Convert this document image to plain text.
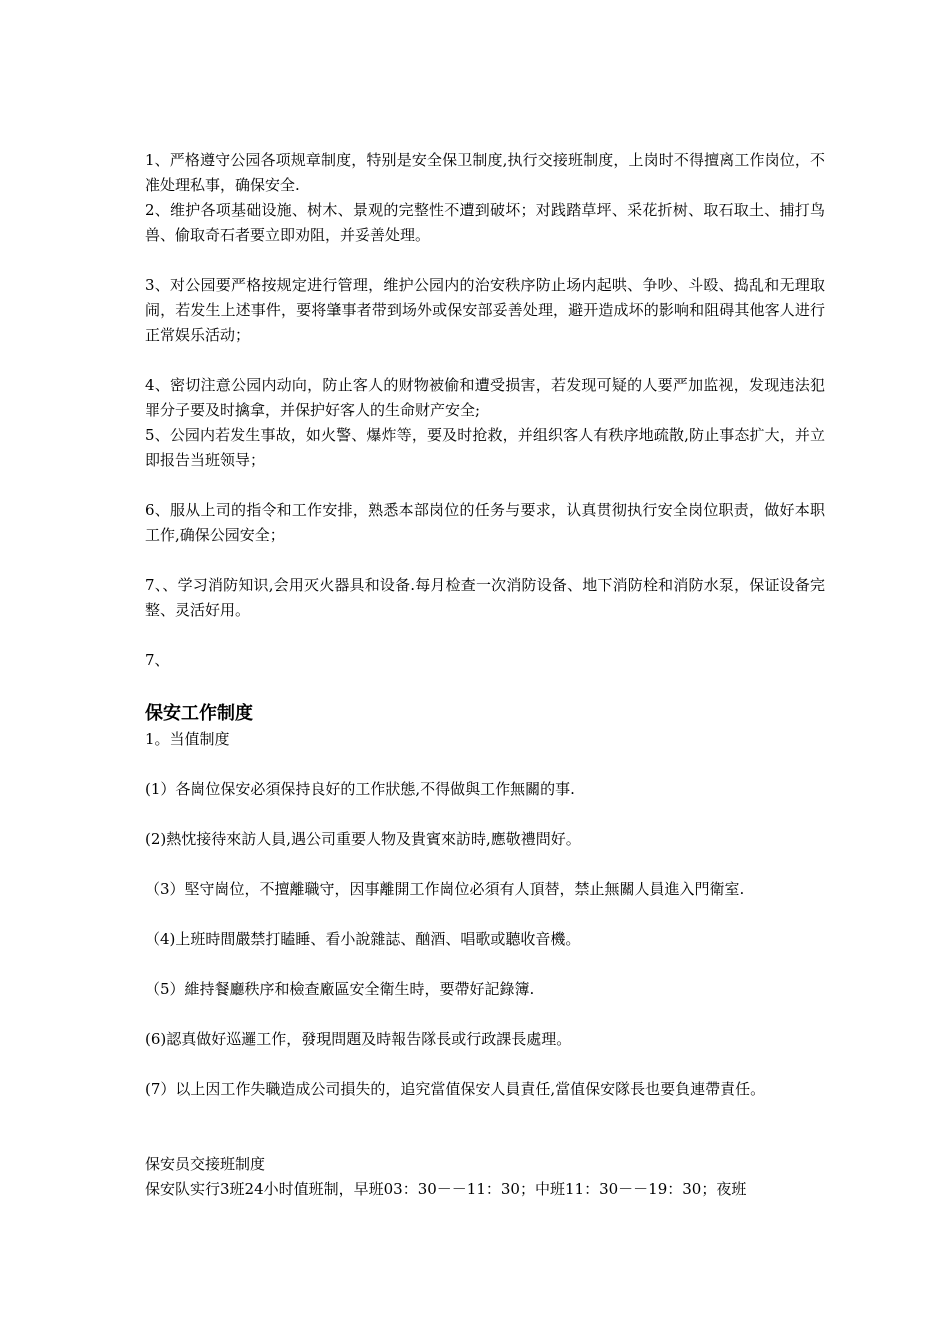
1、严格遵守公园各项规章制度，特别是安全保卫制度,执行交接班制度，上岗时不得擅离工作岗位，不准处理私事，确保安全.

2、维护各项基础设施、树木、景观的完整性不遭到破坏；对践踏草坪、采花折树、取石取土、捕打鸟兽、偷取奇石者要立即劝阻，并妥善处理。

3、对公园要严格按规定进行管理，维护公园内的治安秩序防止场内起哄、争吵、斗殴、捣乱和无理取闹，若发生上述事件，要将肇事者带到场外或保安部妥善处理，避开造成坏的影响和阻碍其他客人进行正常娱乐活动；

4、密切注意公园内动向，防止客人的财物被偷和遭受损害，若发现可疑的人要严加监视，发现违法犯罪分子要及时擒拿，并保护好客人的生命财产安全;

5、公园内若发生事故，如火警、爆炸等，要及时抢救，并组织客人有秩序地疏散,防止事态扩大，并立即报告当班领导；

6、服从上司的指令和工作安排，熟悉本部岗位的任务与要求，认真贯彻执行安全岗位职责，做好本职工作,确保公园安全；

7、、学习消防知识,会用灭火器具和设备.每月检查一次消防设备、地下消防栓和消防水泵，保证设备完整、灵活好用。

7、

保安工作制度

1。当值制度

(1）各崗位保安必須保持良好的工作狀態,不得做與工作無關的事.

(2)熱忱接待來訪人員,遇公司重要人物及貴賓來訪時,應敬禮問好。

（3）堅守崗位，不擅離職守，因事離開工作崗位必須有人頂替，禁止無關人員進入門衛室.

（4)上班時間嚴禁打瞌睡、看小說雜誌、酗酒、唱歌或聽收音機。

（5）維持餐廳秩序和檢查廠區安全衛生時，要帶好記錄簿.

(6)認真做好巡邏工作，發現問題及時報告隊長或行政課長處理。

(7）以上因工作失職造成公司損失的，追究當值保安人員責任,當值保安隊長也要負連帶責任。

保安员交接班制度

保安队实行3班24小时值班制，早班03：30－－11：30；中班11：30－－19：30；夜班
